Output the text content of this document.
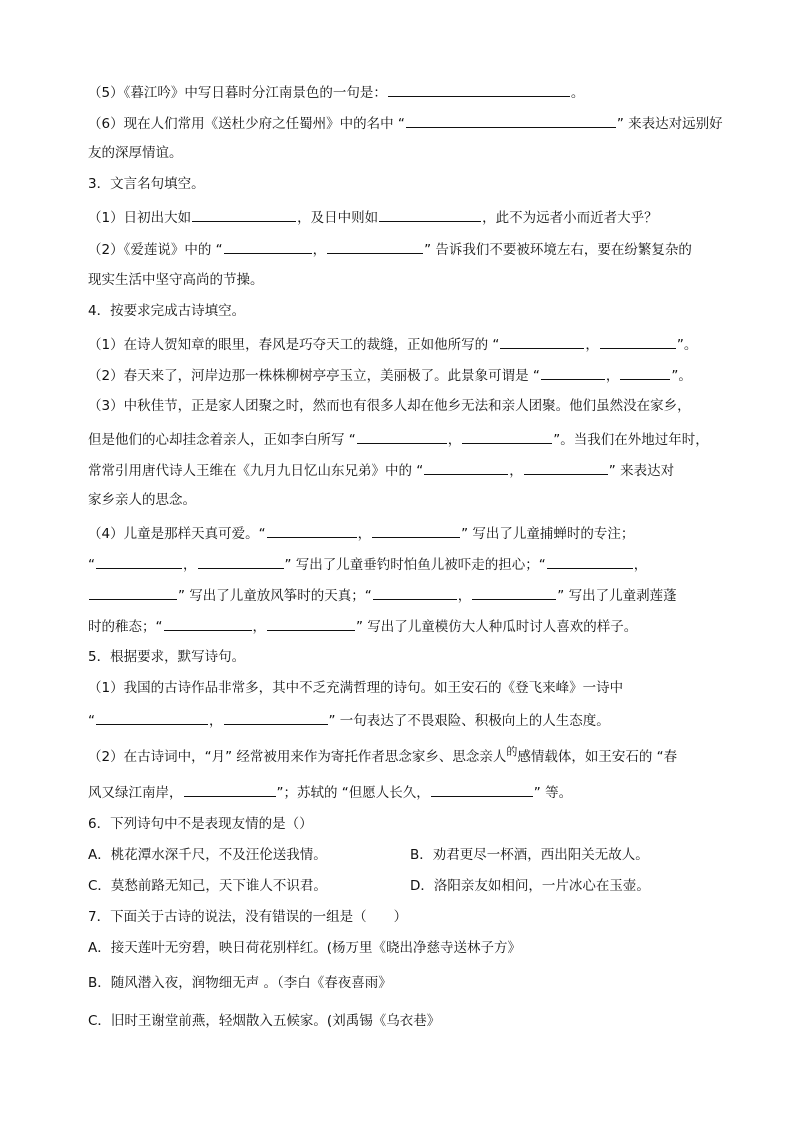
（5）《暮江吟》中写日暮时分江南景色的一句是：	。
（6）现在人们常用《送杜少府之任蜀州》中的名中 “	” 来表达对远别好
友的深厚情谊。
3．文言名句填空。
（1）日初出大如	，及日中则如	，此不为远者小而近者大乎？
（2）《爱莲说》中的 “	，	” 告诉我们不要被环境左右，要在纷繁复杂的
现实生活中坚守高尚的节操。
4．按要求完成古诗填空。
（1）在诗人贺知章的眼里，春风是巧夺天工的裁缝，正如他所写的 “	，	”。
（2）春天来了，河岸边那一株株柳树亭亭玉立，美丽极了。此景象可谓是 “	，	”。
（3）中秋佳节，正是家人团聚之时，然而也有很多人却在他乡无法和亲人团聚。他们虽然没在家乡，
但是他们的心却挂念着亲人，正如李白所写 “	，	”。当我们在外地过年时，
常常引用唐代诗人王维在《九月九日忆山东兄弟》中的 “	，	” 来表达对
家乡亲人的思念。
（4）儿童是那样天真可爱。“	，	” 写出了儿童捕蝉时的专注；
“	，	” 写出了儿童垂钓时怕鱼儿被吓走的担心；“	，
” 写出了儿童放风筝时的天真；“	，	” 写出了儿童剥莲蓬
时的稚态；“	，	” 写出了儿童模仿大人种瓜时讨人喜欢的样子。
5．根据要求，默写诗句。
（1）我国的古诗作品非常多，其中不乏充满哲理的诗句。如王安石的《登飞来峰》一诗中
“	，	” 一句表达了不畏艰险、积极向上的人生态度。
（2）在古诗词中，“月” 经常被用来作为寄托作者思念家乡、思念亲人$^的$感情载体，如王安石的 “春
风又绿江南岸，	”；苏轼的 “但愿人长久，	” 等。
6．下列诗句中不是表现友情的是（）
A．桃花潭水深千尺，不及汪伦送我情。	B．劝君更尽一杯酒，西出阳关无故人。
C．莫愁前路无知己，天下谁人不识君。	D．洛阳亲友如相问，一片冰心在玉壶。
7．下面关于古诗的说法，没有错误的一组是（　　）
A．接天莲叶无穷碧，映日荷花别样红。(杨万里《晓出净慈寺送林子方》
B．随风潜入夜，润物细无声 。（李白《春夜喜雨》
C．旧时王谢堂前燕，轻烟散入五候家。(刘禹锡《乌衣巷》
